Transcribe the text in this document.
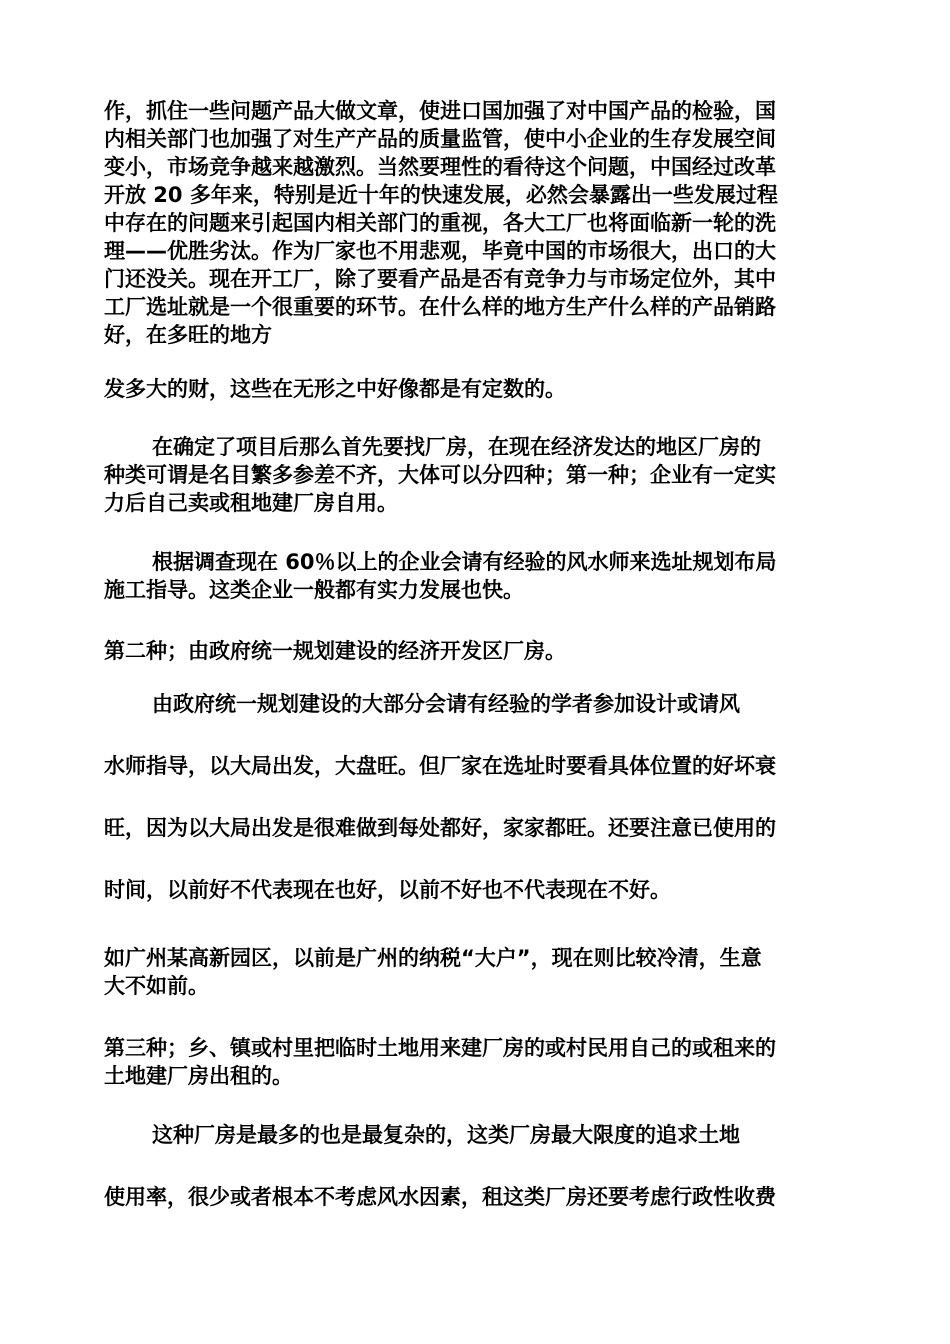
作，抓住一些问题产品大做文章，使进口国加强了对中国产品的检验，国
内相关部门也加强了对生产产品的质量监管，使中小企业的生存发展空间
变小，市场竞争越来越激烈。当然要理性的看待这个问题，中国经过改革
开放 20 多年来，特别是近十年的快速发展，必然会暴露出一些发展过程
中存在的问题来引起国内相关部门的重视，各大工厂也将面临新一轮的洗
理——优胜劣汰。作为厂家也不用悲观，毕竟中国的市场很大，出口的大
门还没关。现在开工厂，除了要看产品是否有竞争力与市场定位外，其中
工厂选址就是一个很重要的环节。在什么样的地方生产什么样的产品销路
好，在多旺的地方

发多大的财，这些在无形之中好像都是有定数的。

在确定了项目后那么首先要找厂房，在现在经济发达的地区厂房的
种类可谓是名目繁多参差不齐，大体可以分四种；第一种；企业有一定实
力后自己卖或租地建厂房自用。

根据调查现在 60％以上的企业会请有经验的风水师来选址规划布局
施工指导。这类企业一般都有实力发展也快。

第二种；由政府统一规划建设的经济开发区厂房。

由政府统一规划建设的大部分会请有经验的学者参加设计或请风

水师指导，以大局出发，大盘旺。但厂家在选址时要看具体位置的好坏衰

旺，因为以大局出发是很难做到每处都好，家家都旺。还要注意已使用的

时间，以前好不代表现在也好，以前不好也不代表现在不好。

如广州某高新园区，以前是广州的纳税“大户”，现在则比较冷清，生意
大不如前。

第三种；乡、镇或村里把临时土地用来建厂房的或村民用自己的或租来的
土地建厂房出租的。

这种厂房是最多的也是最复杂的，这类厂房最大限度的追求土地

使用率，很少或者根本不考虑风水因素，租这类厂房还要考虑行政性收费
